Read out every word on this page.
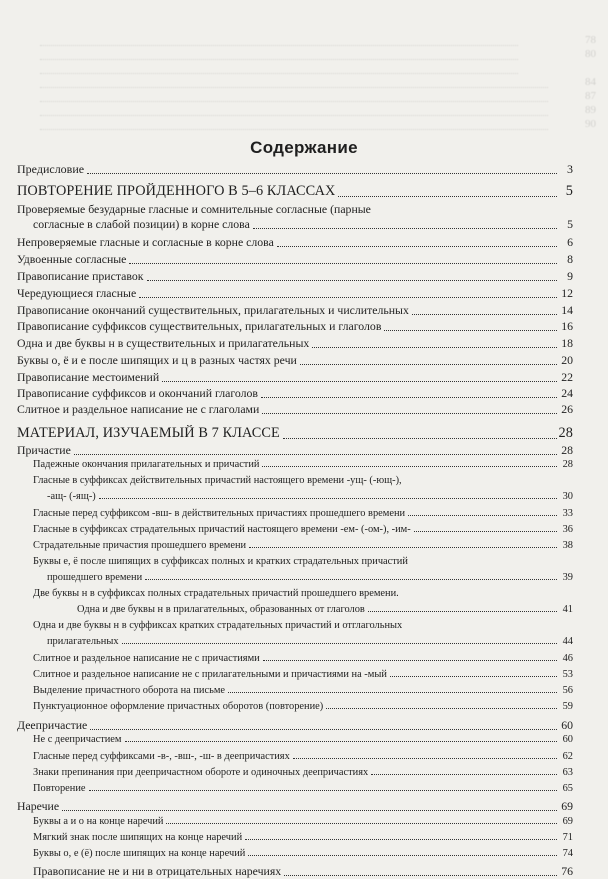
78
80
84
87
89
90
Содержание
Предисловие	3
ПОВТОРЕНИЕ ПРОЙДЕННОГО В 5–6 КЛАССАХ	5
Проверяемые безударные гласные и сомнительные согласные (парные
согласные в слабой позиции) в корне слова	5
Непроверяемые гласные и согласные в корне слова	6
Удвоенные согласные	8
Правописание приставок	9
Чередующиеся гласные	12
Правописание окончаний существительных, прилагательных и числительных	14
Правописание суффиксов существительных, прилагательных и глаголов	16
Одна и две буквы н в существительных и прилагательных	18
Буквы о, ё и е после шипящих и ц в разных частях речи	20
Правописание местоимений	22
Правописание суффиксов и окончаний глаголов	24
Слитное и раздельное написание не с глаголами	26
МАТЕРИАЛ, ИЗУЧАЕМЫЙ В 7 КЛАССЕ	28
Причастие	28
Падежные окончания прилагательных и причастий	28
Гласные в суффиксах действительных причастий настоящего времени -ущ- (-ющ-),
-ащ- (-ящ-)	30
Гласные перед суффиксом -вш- в действительных причастиях прошедшего времени	33
Гласные в суффиксах страдательных причастий настоящего времени -ем- (-ом-), -им-	36
Страдательные причастия прошедшего времени	38
Буквы е, ё после шипящих в суффиксах полных и кратких страдательных причастий
прошедшего времени	39
Две буквы н в суффиксах полных страдательных причастий прошедшего времени.
Одна и две буквы н в прилагательных, образованных от глаголов	41
Одна и две буквы н в суффиксах кратких страдательных причастий и отглагольных
прилагательных	44
Слитное и раздельное написание не с причастиями	46
Слитное и раздельное написание не с прилагательными и причастиями на -мый	53
Выделение причастного оборота на письме	56
Пунктуационное оформление причастных оборотов (повторение)	59
Деепричастие	60
Не с деепричастием	60
Гласные перед суффиксами -в-, -вш-, -ш- в деепричастиях	62
Знаки препинания при деепричастном обороте и одиночных деепричастиях	63
Повторение	65
Наречие	69
Буквы а и о на конце наречий	69
Мягкий знак после шипящих на конце наречий	71
Буквы о, е (ё) после шипящих на конце наречий	74
Правописание не и ни в отрицательных наречиях	76
